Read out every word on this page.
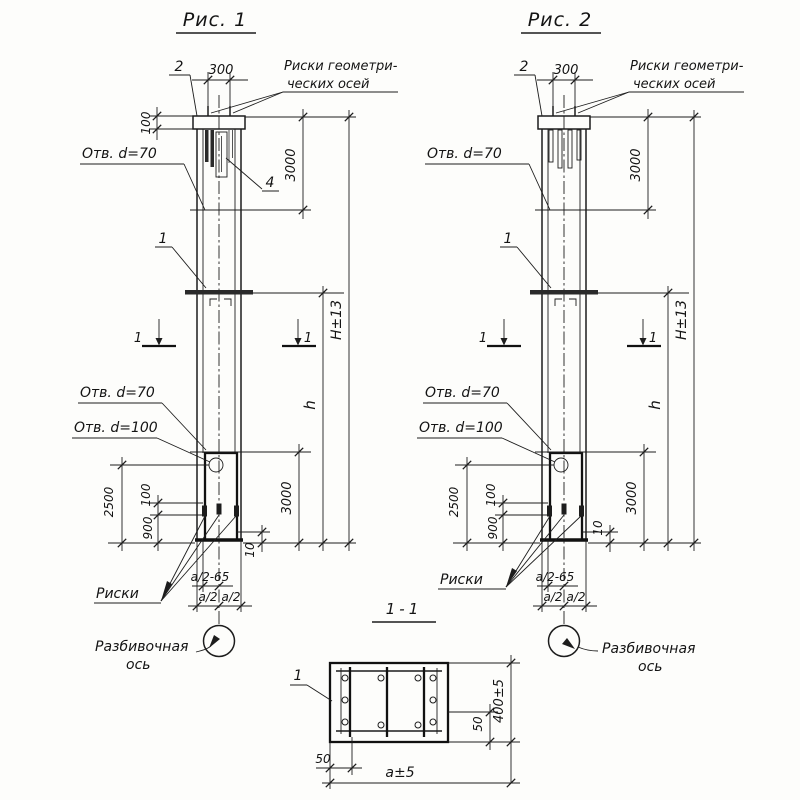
Рис. 1
300
2	Риски геометри-
ческих осей
100
Отв. d=70	3000
4
1
1	1
h
H±13
Отв. d=70
Отв. d=100
2500 100
900
3000
10
a/2-65
a/2 a/2
Риски
Разбивочная
ось
Рис. 2
300
2	Риски геометри-
ческих осей
Отв. d=70	3000
1
1	1
h
H±13
Отв. d=70
Отв. d=100
2500 100
900
3000
10
a/2-65
a/2 a/2
Риски
Разбивочная
ось
1-1
1
50
a±5
50
400±5
